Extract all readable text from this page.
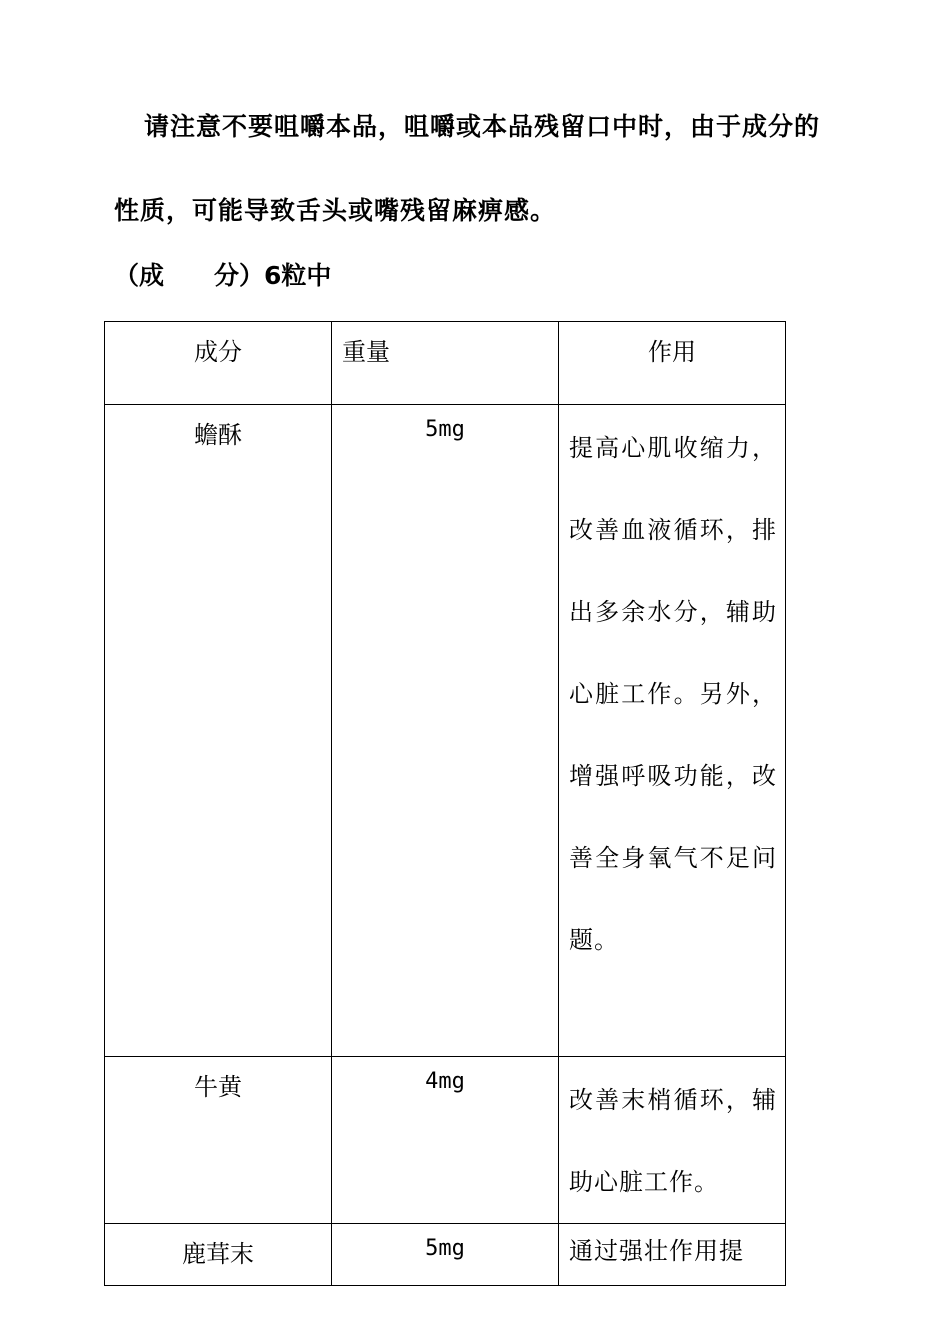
请注意不要咀嚼本品，咀嚼或本品残留口中时，由于成分的性质，可能导致舌头或嘴残留麻痹感。

（成　　分）6粒中

成分	重量	作用
蟾酥	5mg	提高心肌收缩力，改善血液循环，排出多余水分，辅助心脏工作。另外，增强呼吸功能，改善全身氧气不足问题。
牛黄	4mg	改善末梢循环，辅助心脏工作。
鹿茸末	5mg	通过强壮作用提
